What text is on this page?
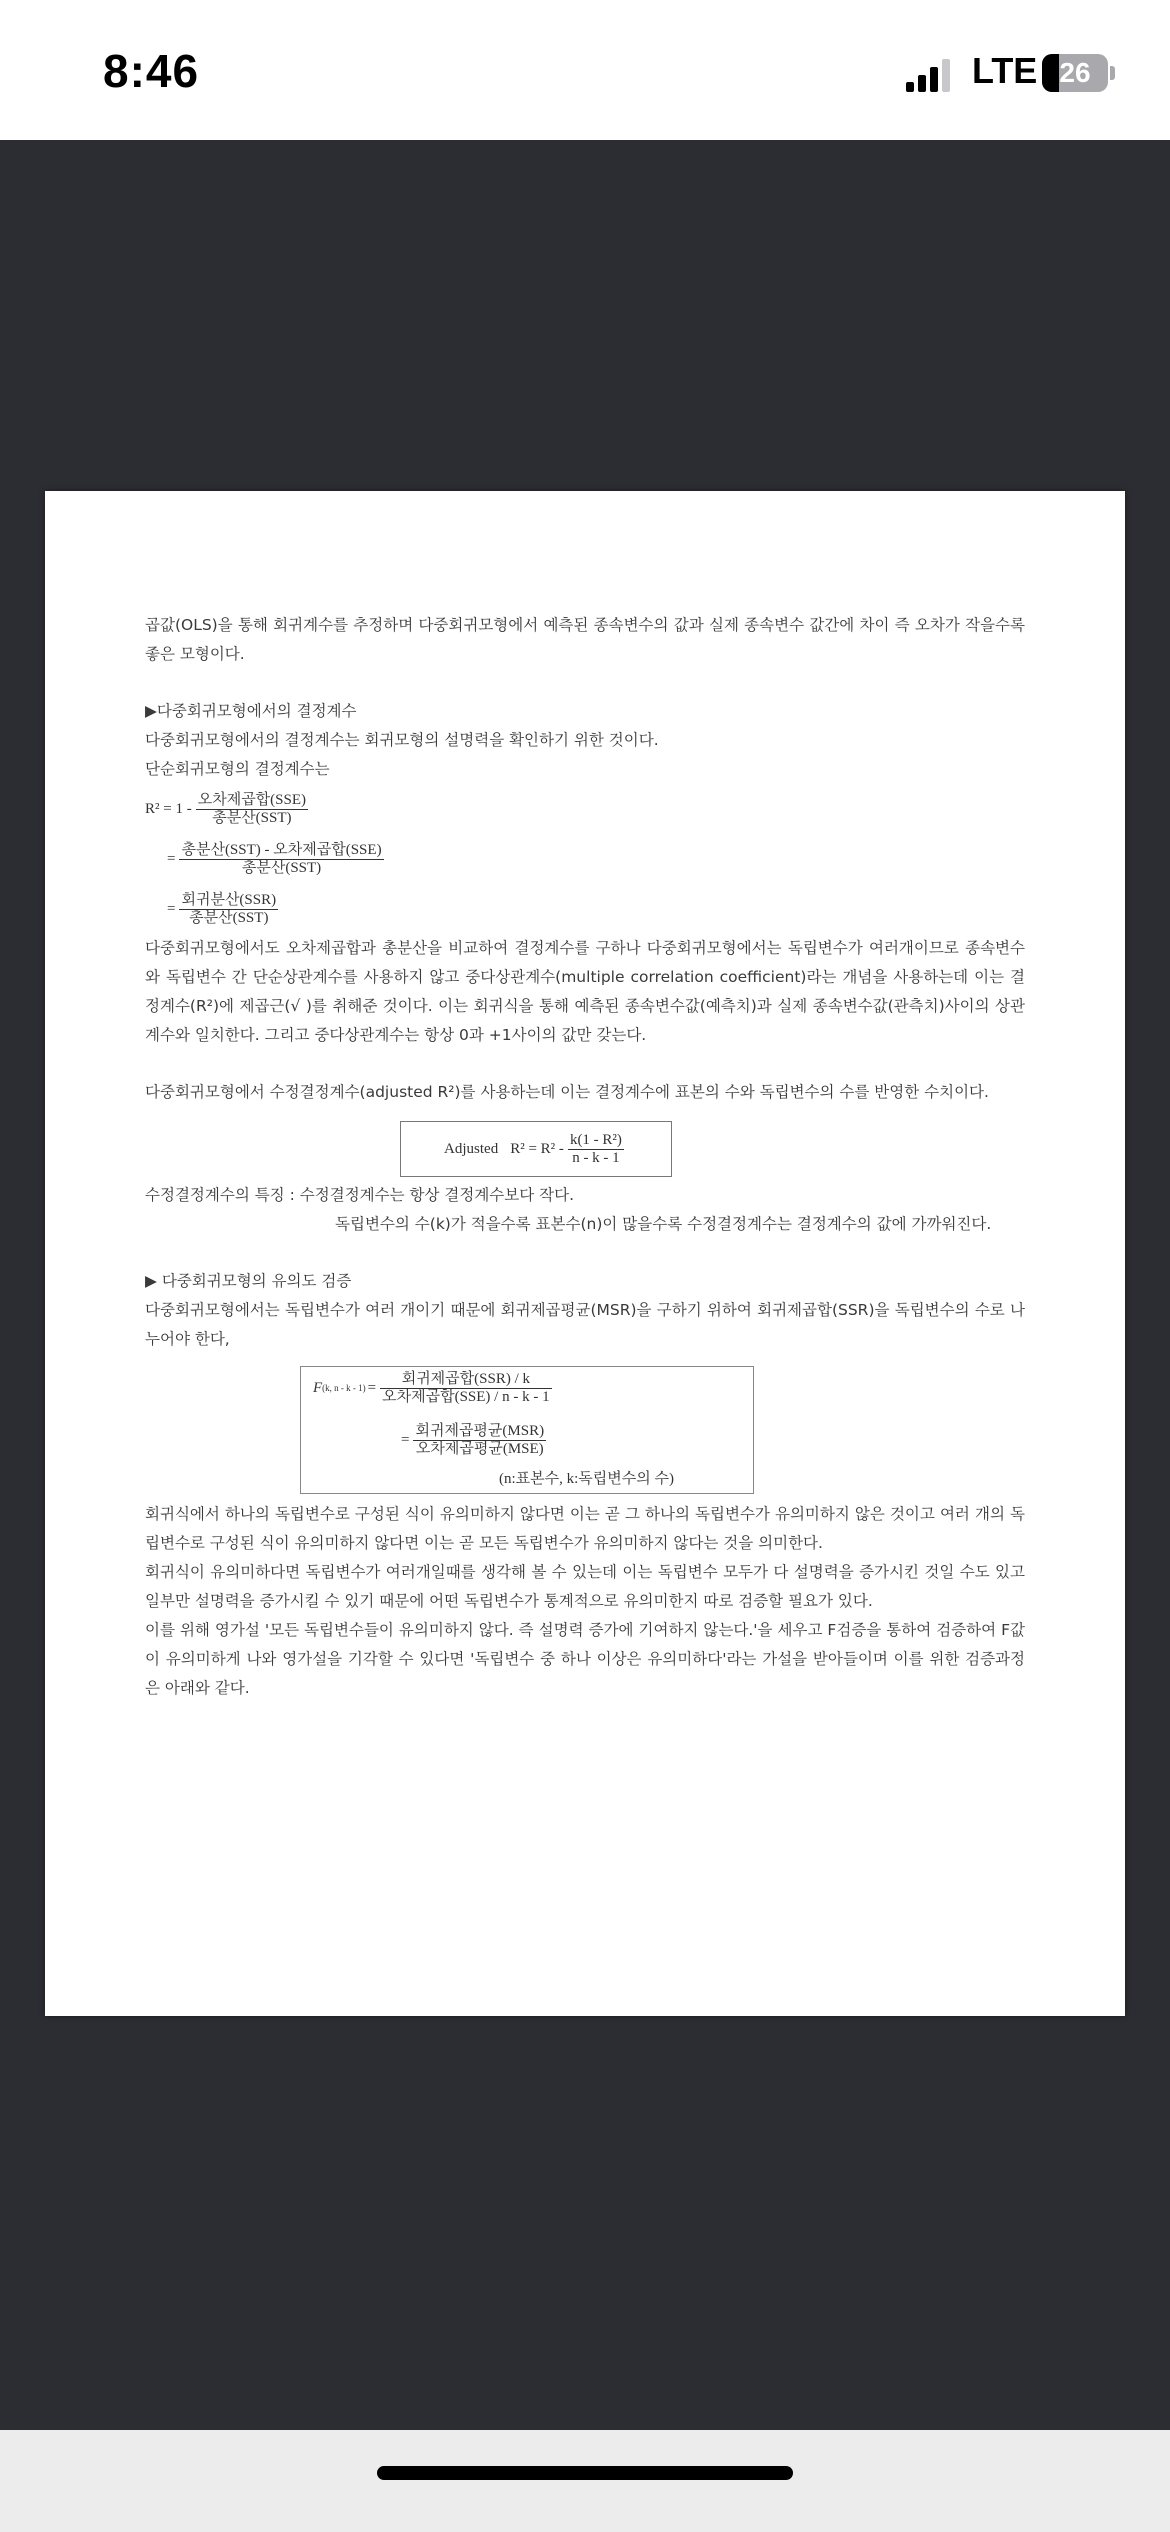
8:46	LTE 26

곱값(OLS)을 통해 회귀계수를 추정하며 다중회귀모형에서 예측된 종속변수의 값과 실제 종속변수 값간에 차이 즉 오차가 작을수록 좋은 모형이다.

▶다중회귀모형에서의 결정계수

다중회귀모형에서의 결정계수는 회귀모형의 설명력을 확인하기 위한 것이다.

단순회귀모형의 결정계수는

$R^2 = 1 - \frac{\text{오차제곱합(SSE)}}{\text{총분산(SST)}}$
= $\frac{\text{총분산(SST) - 오차제곱합(SSE)}}{\text{총분산(SST)}}$
= $\frac{\text{회귀분산(SSR)}}{\text{총분산(SST)}}$

다중회귀모형에서도 오차제곱합과 총분산을 비교하여 결정계수를 구하나 다중회귀모형에서는 독립변수가 여러개이므로 종속변수와 독립변수 간 단순상관계수를 사용하지 않고 중다상관계수(multiple correlation coefficient)라는 개념을 사용하는데 이는 결정계수(R²)에 제곱근(√ )를 취해준 것이다. 이는 회귀식을 통해 예측된 종속변수값(예측치)과 실제 종속변수값(관측치)사이의 상관계수와 일치한다. 그리고 중다상관계수는 항상 0과 +1사이의 값만 갖는다.

다중회귀모형에서 수정결정계수(adjusted R²)를 사용하는데 이는 결정계수에 표본의 수와 독립변수의 수를 반영한 수치이다.

Adjusted $R^2 = R^2 - \frac{\text{k(1 - R²)}}{n - k - 1}$

수정결정계수의 특징 : 수정결정계수는 항상 결정계수보다 작다.

독립변수의 수(k)가 적을수록 표본수(n)이 많을수록 수정결정계수는 결정계수의 값에 가까워진다.

▶ 다중회귀모형의 유의도 검증

다중회귀모형에서는 독립변수가 여러 개이기 때문에 회귀제곱평균(MSR)을 구하기 위하여 회귀제곱합(SSR)을 독립변수의 수로 나누어야 한다,

F (k, $n - k - 1) = \frac{\text{회귀제곱합(SSR) / k}}{\text{오차제곱합(SSE) / n - k - 1}}$
= $\frac{\text{회귀제곱평균(MSR)}}{\text{오차제곱평균(MSE)}}$
(n:표본수, k:독립변수의 수)

회귀식에서 하나의 독립변수로 구성된 식이 유의미하지 않다면 이는 곧 그 하나의 독립변수가 유의미하지 않은 것이고 여러 개의 독립변수로 구성된 식이 유의미하지 않다면 이는 곧 모든 독립변수가 유의미하지 않다는 것을 의미한다.

회귀식이 유의미하다면 독립변수가 여러개일때를 생각해 볼 수 있는데 이는 독립변수 모두가 다 설명력을 증가시킨 것일 수도 있고 일부만 설명력을 증가시킬 수 있기 때문에 어떤 독립변수가 통계적으로 유의미한지 따로 검증할 필요가 있다.

이를 위해 영가설 '모든 독립변수들이 유의미하지 않다. 즉 설명력 증가에 기여하지 않는다.'을 세우고 F검증을 통하여 검증하여 F값이 유의미하게 나와 영가설을 기각할 수 있다면 '독립변수 중 하나 이상은 유의미하다'라는 가설을 받아들이며 이를 위한 검증과정은 아래와 같다.
